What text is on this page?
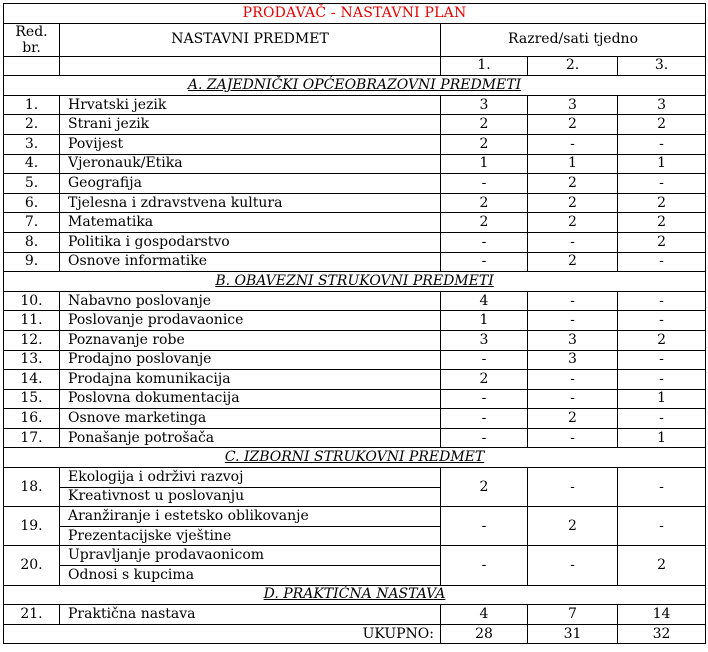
PRODAVAČ - NASTAVNI PLAN				

Red.
br.	NASTAVNI PREDMET	Razred/sati tjedno		
		1.	2.	3.
A. ZAJEDNIČKI OPĆEOBRAZOVNI PREDMETI				
1.	Hrvatski jezik	3	3	3
2.	Strani jezik	2	2	2
3.	Povijest	2	-	-
4.	Vjeronauk/Etika	1	1	1
5.	Geografija	-	2	-
6.	Tjelesna i zdravstvena kultura	2	2	2
7.	Matematika	2	2	2
8.	Politika i gospodarstvo	-	-	2
9.	Osnove informatike	-	2	-
B. OBAVEZNI STRUKOVNI PREDMETI				
10.	Nabavno poslovanje	4	-	-
11.	Poslovanje prodavaonice	1	-	-
12.	Poznavanje robe	3	3	2
13.	Prodajno poslovanje	-	3	-
14.	Prodajna komunikacija	2	-	-
15.	Poslovna dokumentacija	-	-	1
16.	Osnove marketinga	-	2	-
17.	Ponašanje potrošača	-	-	1
C. IZBORNI STRUKOVNI PREDMET				
18.	Ekologija i održivi razvoj	2	-	-
	Kreativnost u poslovanju			
19.	Aranžiranje i estetsko oblikovanje	-	2	-
	Prezentacijske vještine			
20.	Upravljanje prodavaonicom	-	-	2
	Odnosi s kupcima			
D. PRAKTIČNA NASTAVA				
21.	Praktična nastava	4	7	14
UKUPNO:		28	31	32
